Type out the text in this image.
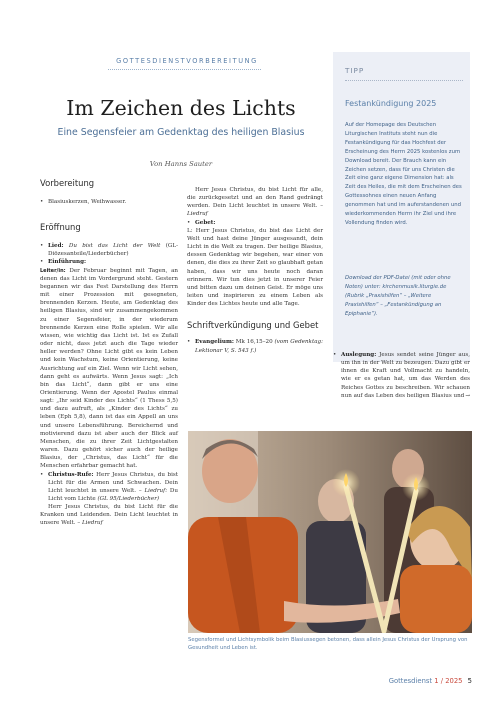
GOTTESDIENSTVORBEREITUNG
Im Zeichen des Lichts
Eine Segensfeier am Gedenktag des heiligen Blasius
Von Hanns Sauter
Vorbereitung
• Blasiuskerzen, Weihwasser.
Eröffnung
• Lied: Du bist das Licht der Welt (GL-Diözesanteile/Liederbücher)
• Einführung:
Leiter/in: Der Februar beginnt mit Tagen, an denen das Licht im Vordergrund steht. Gestern begannen wir das Fest Darstellung des Herrn mit einer Prozession mit gesegneten, brennenden Kerzen. Heute, am Gedenktag des heiligen Blasius, sind wir zusammengekommen zu einer Segensfeier, in der wiederum brennende Kerzen eine Rolle spielen. Wir alle wissen, wie wichtig das Licht ist. Ist es Zufall oder nicht, dass jetzt auch die Tage wieder heller werden? Ohne Licht gibt es kein Leben und kein Wachstum, keine Orientierung, keine Ausrichtung auf ein Ziel. Wenn wir Licht sehen, dann geht es aufwärts. Wenn Jesus sagt: „Ich bin das Licht“, dann gibt er uns eine Orientierung. Wenn der Apostel Paulus einmal sagt: „Ihr seid Kinder des Lichts“ (1 Thess 5,5) und dazu aufruft, als „Kinder des Lichts“ zu leben (Eph 5,8), dann ist das ein Appell an uns und unsere Lebensführung. Bereichernd und motivierend dazu ist aber auch der Blick auf Menschen, die zu ihrer Zeit Lichtgestalten waren. Dazu gehört sicher auch der heilige Blasius, der „Christus, das Licht“ für die Menschen erfahrbar gemacht hat.
• Christus-Rufe: Herr Jesus Christus, du bist Licht für die Armen und Schwachen. Dein Licht leuchtet in unsere Welt. – Liedruf: Du Licht vom Lichte (GL 95/Liederbücher)
Herr Jesus Christus, du bist Licht für die Kranken und Leidenden. Dein Licht leuchtet in unsere Welt. – Liedruf
Herr Jesus Christus, du bist Licht für alle, die zurückgesetzt und an den Rand gedrängt werden. Dein Licht leuchtet in unsere Welt. – Liedruf
• Gebet:
L: Herr Jesus Christus, du bist das Licht der Welt und hast deine Jünger ausgesandt, dein Licht in die Welt zu tragen. Der heilige Blasius, dessen Gedenktag wir begehen, war einer von denen, die dies zu ihrer Zeit so glaubhaft getan haben, dass wir uns heute noch daran erinnern. Wir tun dies jetzt in unserer Feier und bitten dazu um deinen Geist. Er möge uns leiten und inspirieren zu einem Leben als Kinder des Lichtes heute und alle Tage.
Schriftverkündigung und Gebet
• Evangelium: Mk 16,15–20 (vom Gedenktag: Lektionar V, S. 543 f.)
TIPP
Festankündigung 2025
Auf der Homepage des Deutschen Liturgischen Instituts steht nun die Festankündigung für das Hochfest der Erscheinung des Herrn 2025 kostenlos zum Download bereit. Der Brauch kann ein Zeichen setzen, dass für uns Christen die Zeit eine ganz eigene Dimension hat: als Zeit des Heiles, die mit dem Erscheinen des Gottessohnes einen neuen Anfang genommen hat und im auferstandenen und wiederkommenden Herrn ihr Ziel und ihre Vollendung finden wird.
Download der PDF-Datei (mit oder ohne Noten) unter: kirchenmusik.liturgie.de (Rubrik „Praxishilfen“ – „Weitere Praxishilfen“ – „Festankündigung an Epiphanie“).
• Auslegung: Jesus sendet seine Jünger aus, um ihn in der Welt zu bezeugen. Dazu gibt er ihnen die Kraft und Vollmacht zu handeln, wie er es getan hat, um das Werden des Reiches Gottes zu beschreiben. Wir schauen nun auf das Leben des heiligen Blasius und →
Segensformel und Lichtsymbolik beim Blasiussegen betonen, dass allein Jesus Christus der Ursprung von Gesundheit und Leben ist.
Gottesdienst 1 / 2025 5
